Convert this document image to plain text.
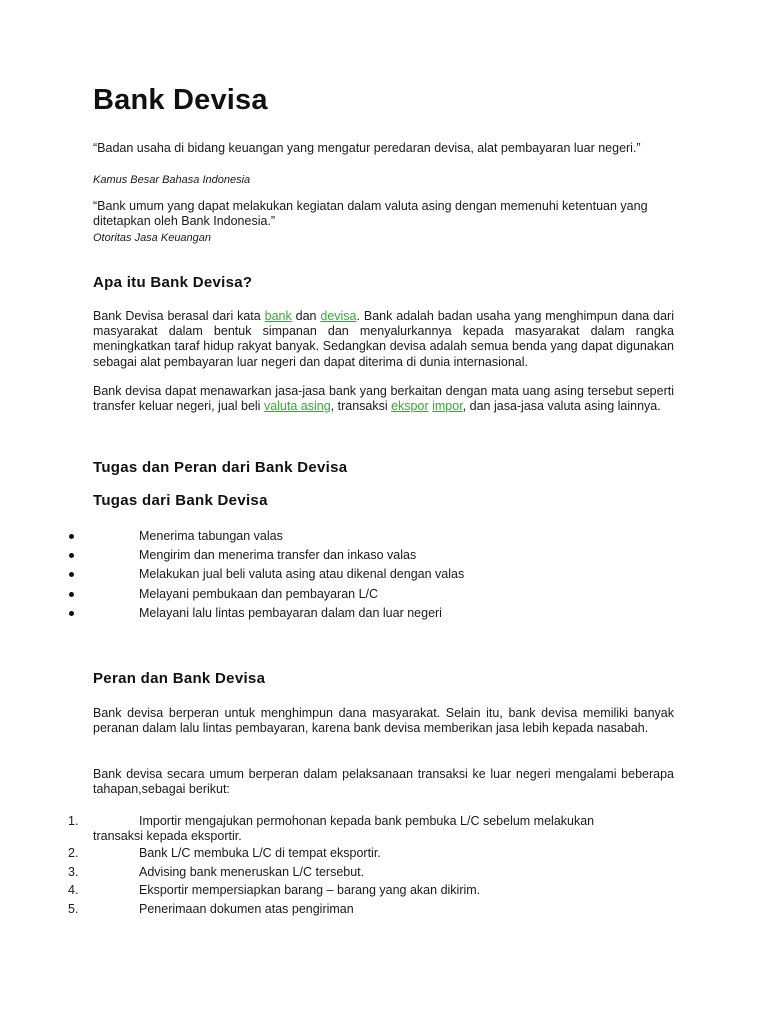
Bank Devisa
“Badan usaha di bidang keuangan yang mengatur peredaran devisa, alat pembayaran luar negeri.”
Kamus Besar Bahasa Indonesia
“Bank umum yang dapat melakukan kegiatan dalam valuta asing dengan memenuhi ketentuan yang ditetapkan oleh Bank Indonesia.”
Otoritas Jasa Keuangan
Apa itu Bank Devisa?
Bank Devisa berasal dari kata bank dan devisa. Bank adalah badan usaha yang menghimpun dana dari masyarakat dalam bentuk simpanan dan menyalurkannya kepada masyarakat dalam rangka meningkatkan taraf hidup rakyat banyak. Sedangkan devisa adalah semua benda yang dapat digunakan sebagai alat pembayaran luar negeri dan dapat diterima di dunia internasional.
Bank devisa dapat menawarkan jasa-jasa bank yang berkaitan dengan mata uang asing tersebut seperti transfer keluar negeri, jual beli valuta asing, transaksi ekspor impor, dan jasa-jasa valuta asing lainnya.
Tugas dan Peran dari Bank Devisa
Tugas dari Bank Devisa
Menerima tabungan valas
Mengirim dan menerima transfer dan inkaso valas
Melakukan jual beli valuta asing atau dikenal dengan valas
Melayani pembukaan dan pembayaran L/C
Melayani lalu lintas pembayaran dalam dan luar negeri
Peran dan Bank Devisa
Bank devisa berperan untuk menghimpun dana masyarakat. Selain itu, bank devisa memiliki banyak peranan dalam lalu lintas pembayaran, karena bank devisa memberikan jasa lebih kepada nasabah.
Bank devisa secara umum berperan dalam pelaksanaan transaksi ke luar negeri mengalami beberapa tahapan,sebagai berikut:
1.	Importir mengajukan permohonan kepada bank pembuka L/C sebelum melakukan
transaksi kepada eksportir.
2.	Bank L/C membuka L/C di tempat eksportir.
3.	Advising bank meneruskan L/C tersebut.
4.	Eksportir mempersiapkan barang – barang yang akan dikirim.
5.	Penerimaan dokumen atas pengiriman
